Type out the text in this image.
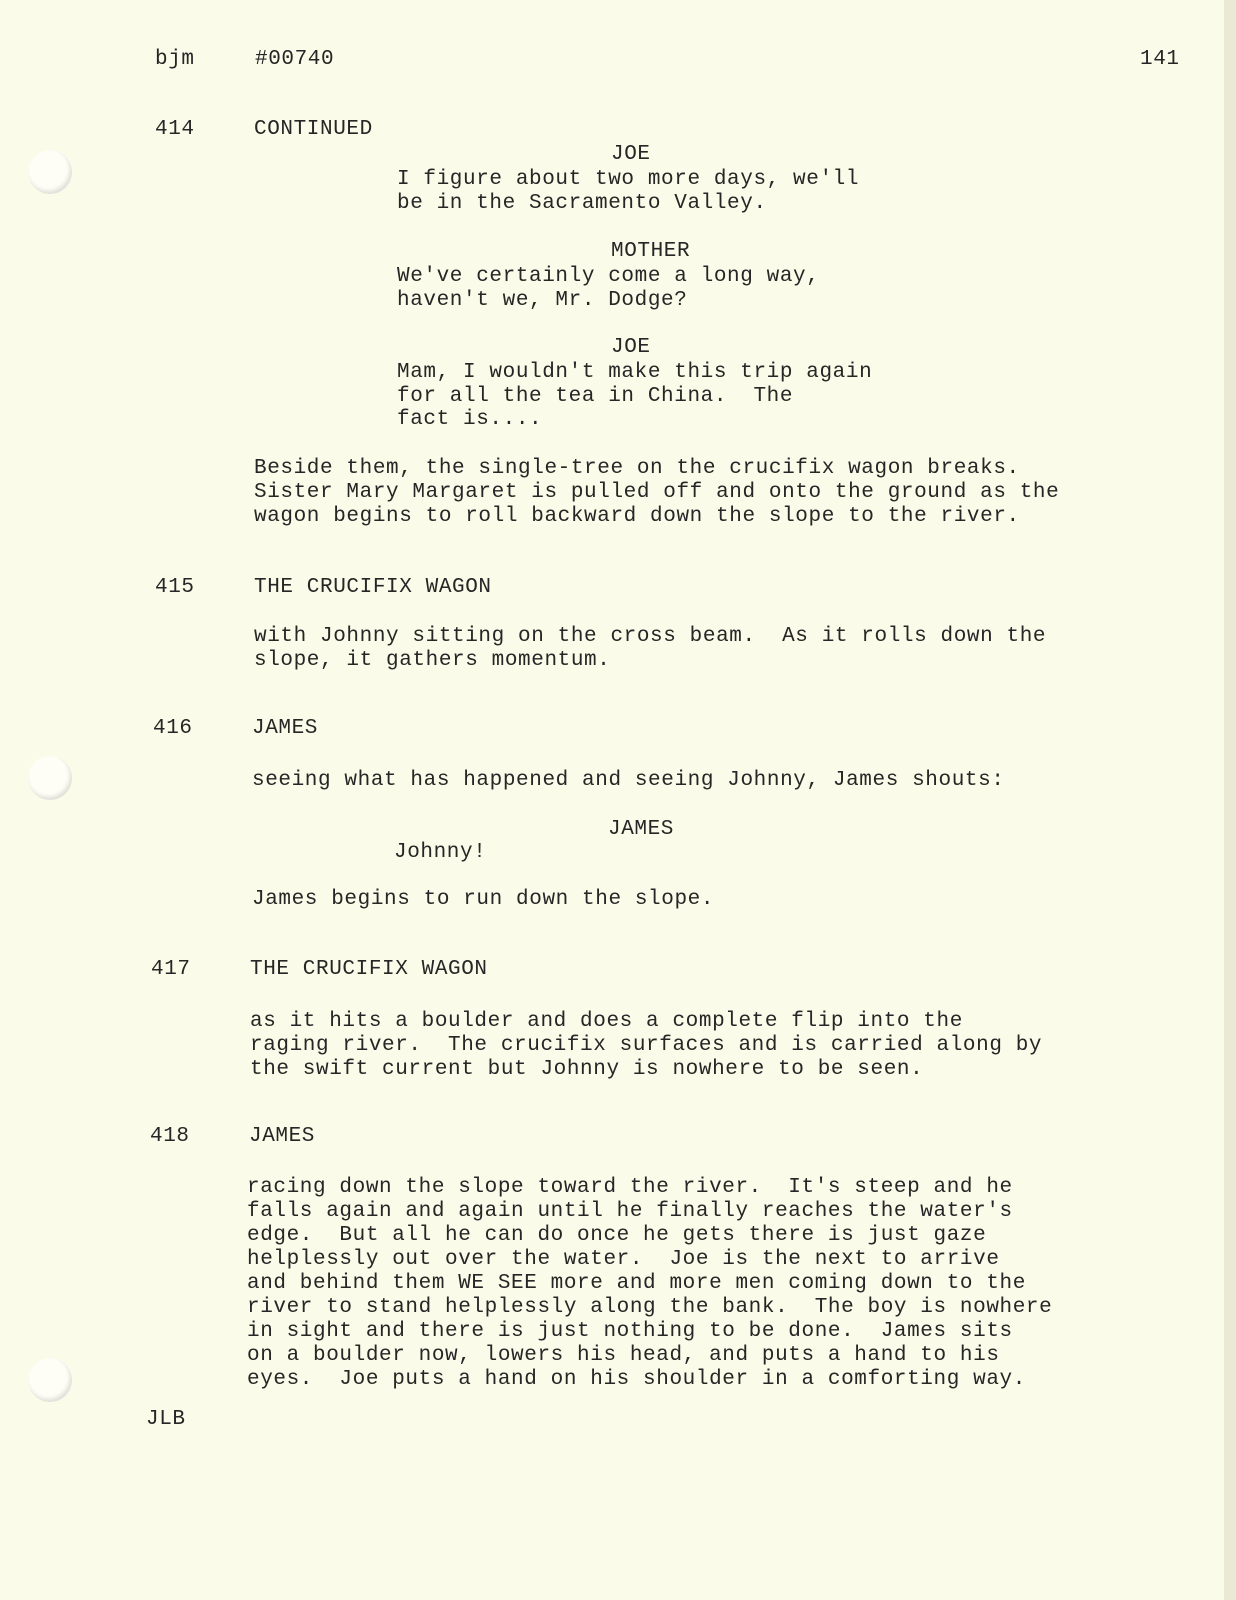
bjm	#00740	141
414	CONTINUED
JOE
I figure about two more days, we'll
be in the Sacramento Valley.
MOTHER
We've certainly come a long way,
haven't we, Mr. Dodge?
JOE
Mam, I wouldn't make this trip again
for all the tea in China.  The
fact is....
Beside them, the single-tree on the crucifix wagon breaks.
Sister Mary Margaret is pulled off and onto the ground as the
wagon begins to roll backward down the slope to the river.
415	THE CRUCIFIX WAGON
with Johnny sitting on the cross beam.  As it rolls down the
slope, it gathers momentum.
416	JAMES
seeing what has happened and seeing Johnny, James shouts:
JAMES
Johnny!
James begins to run down the slope.
417	THE CRUCIFIX WAGON
as it hits a boulder and does a complete flip into the
raging river.  The crucifix surfaces and is carried along by
the swift current but Johnny is nowhere to be seen.
418	JAMES
racing down the slope toward the river.  It's steep and he
falls again and again until he finally reaches the water's
edge.  But all he can do once he gets there is just gaze
helplessly out over the water.  Joe is the next to arrive
and behind them WE SEE more and more men coming down to the
river to stand helplessly along the bank.  The boy is nowhere
in sight and there is just nothing to be done.  James sits
on a boulder now, lowers his head, and puts a hand to his
eyes.  Joe puts a hand on his shoulder in a comforting way.
JLB
